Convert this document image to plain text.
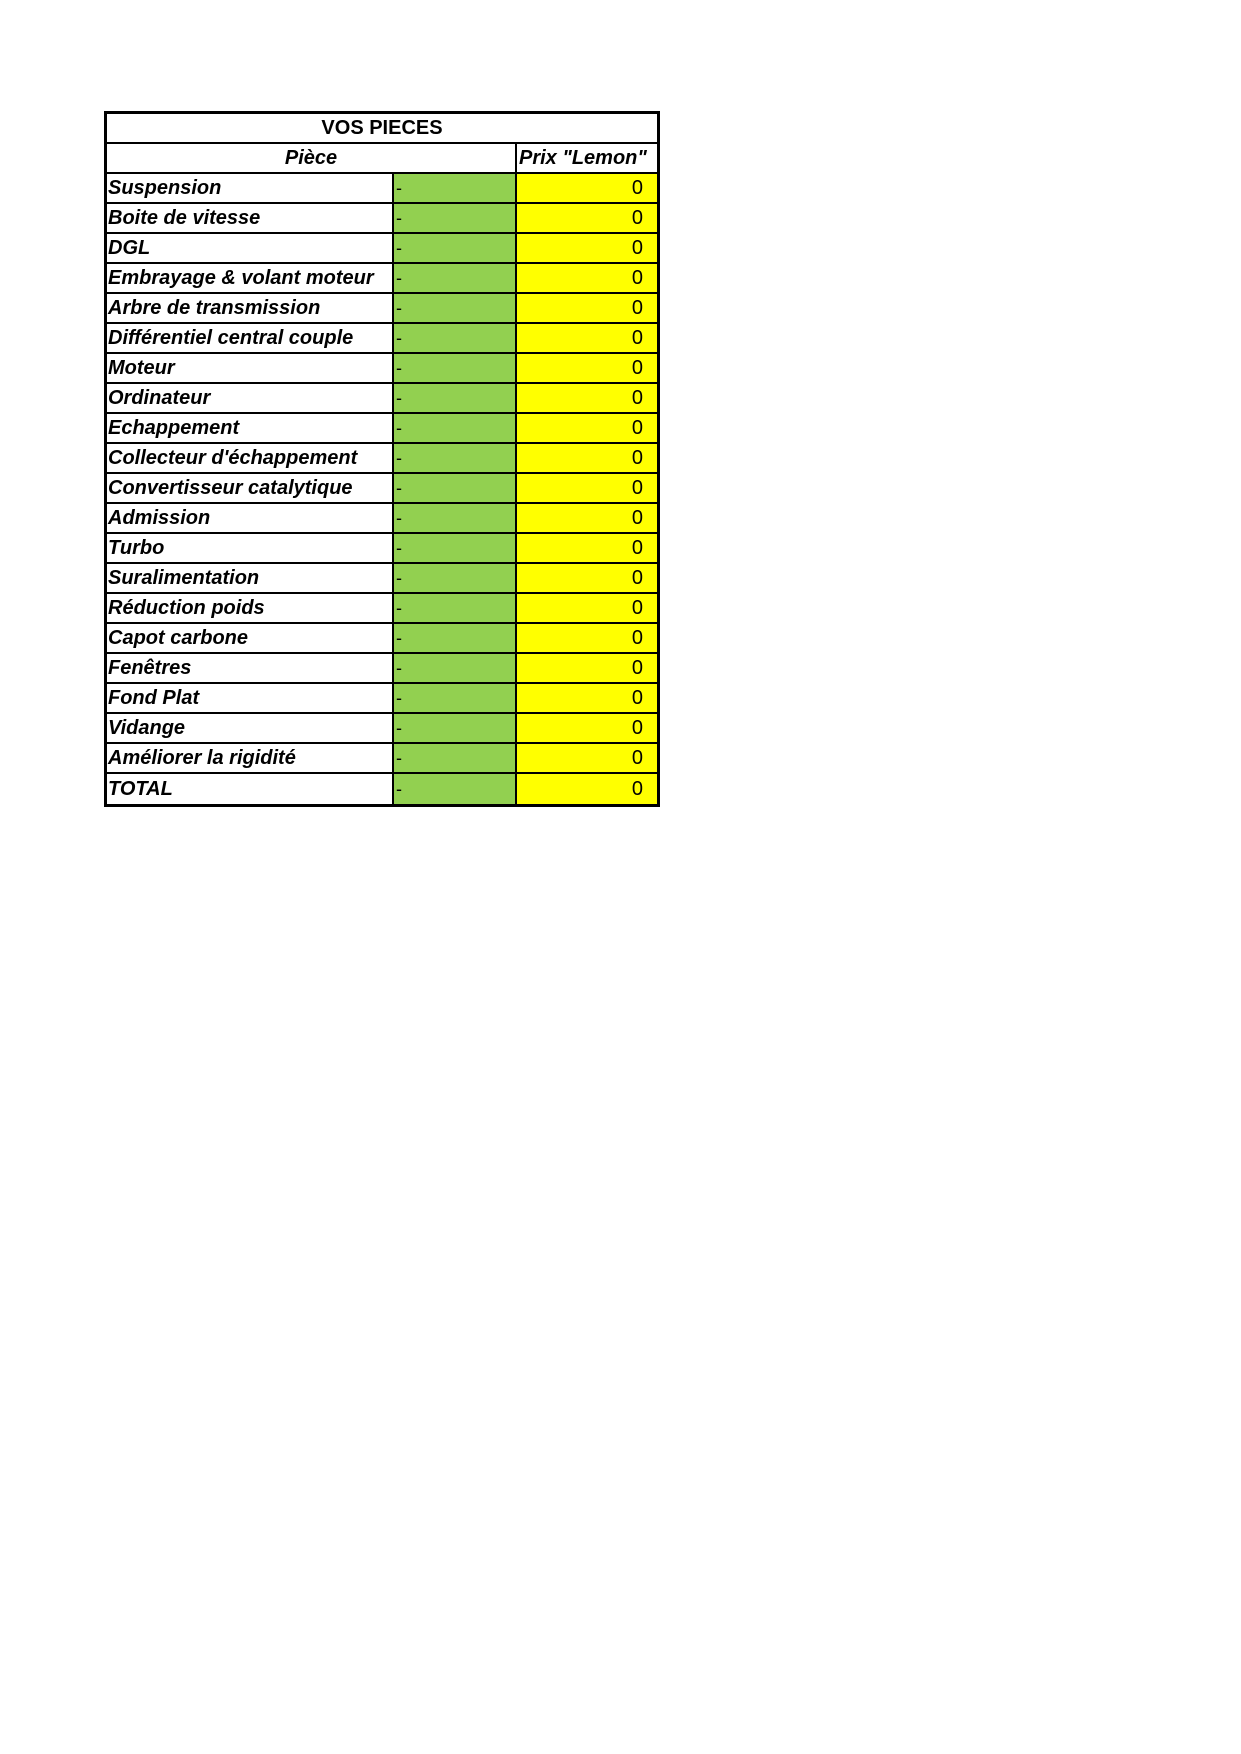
VOS PIECES
Pièce	Prix "Lemon"
Suspension	-	0
Boite de vitesse	-	0
DGL	-	0
Embrayage & volant moteur	-	0
Arbre de transmission	-	0
Différentiel central couple	-	0
Moteur	-	0
Ordinateur	-	0
Echappement	-	0
Collecteur d'échappement	-	0
Convertisseur catalytique	-	0
Admission	-	0
Turbo	-	0
Suralimentation	-	0
Réduction poids	-	0
Capot carbone	-	0
Fenêtres	-	0
Fond Plat	-	0
Vidange	-	0
Améliorer la rigidité	-	0
TOTAL	-	0
